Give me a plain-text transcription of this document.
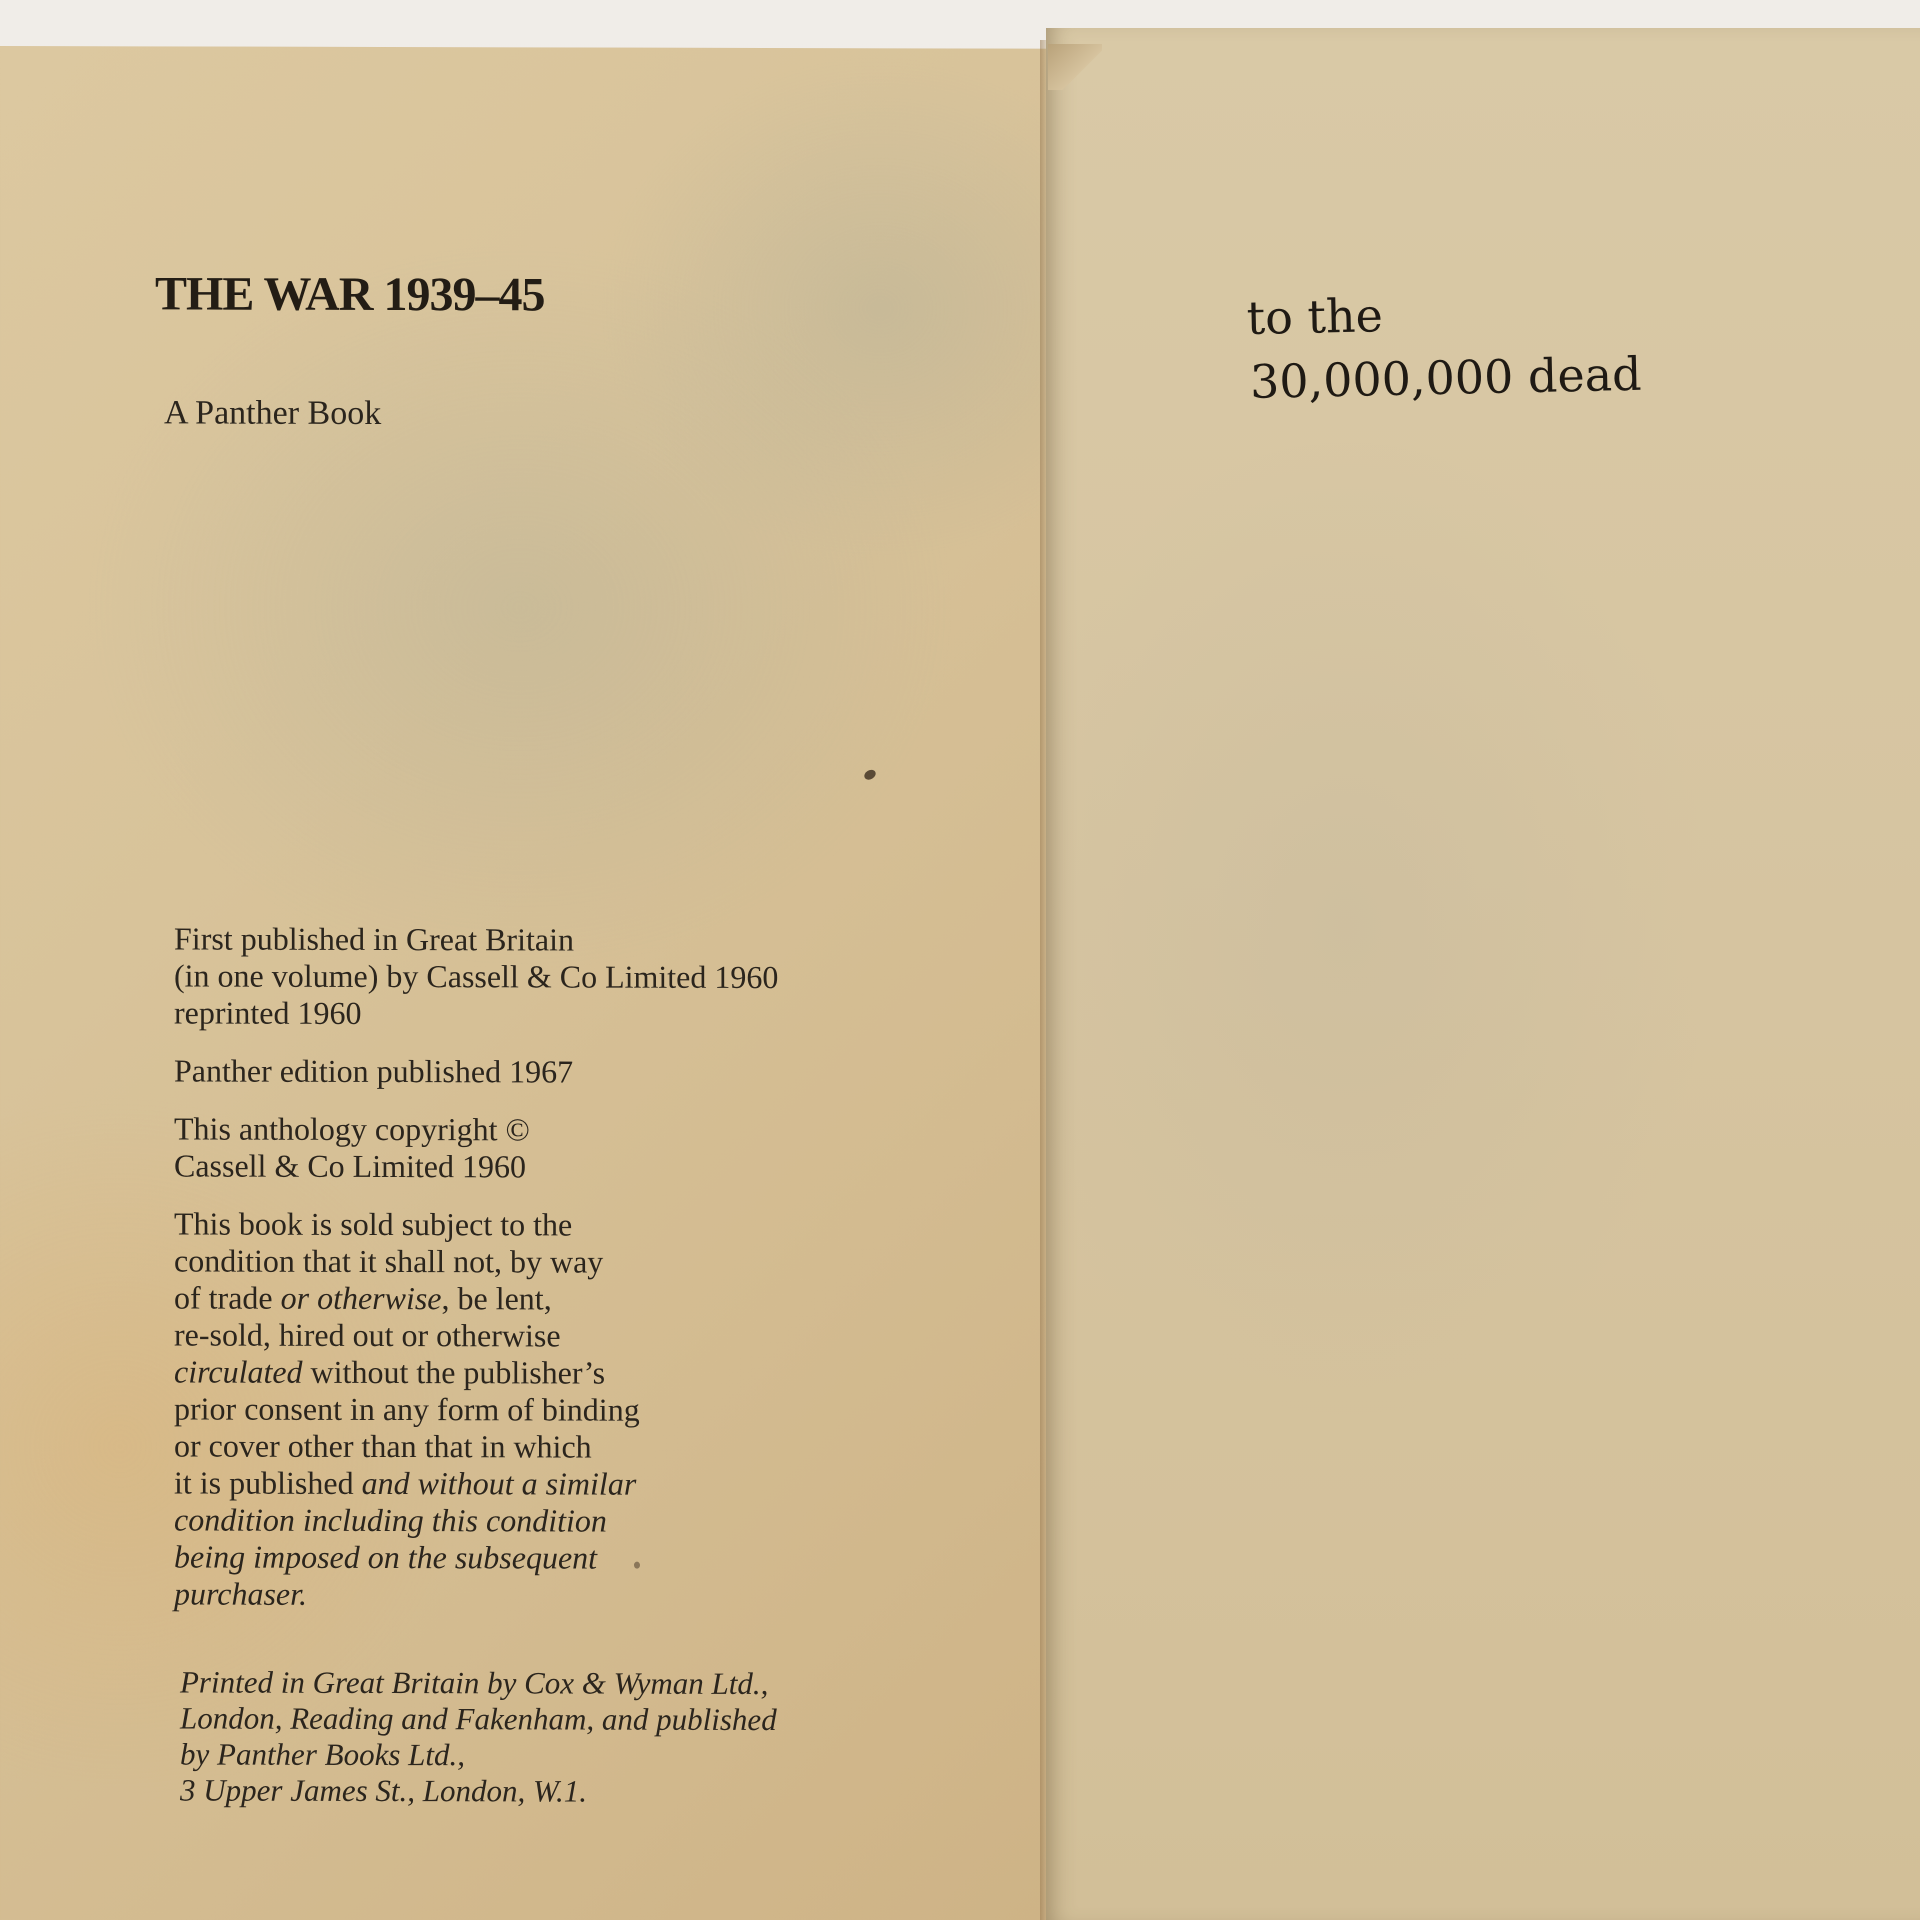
THE WAR 1939–45

A Panther Book

First published in Great Britain
(in one volume) by Cassell & Co Limited 1960
reprinted 1960

Panther edition published 1967

This anthology copyright ©
Cassell & Co Limited 1960

This book is sold subject to the
condition that it shall not, by way
of trade or otherwise, be lent,
re-sold, hired out or otherwise
circulated without the publisher’s
prior consent in any form of binding
or cover other than that in which
it is published and without a similar
condition including this condition
being imposed on the subsequent
purchaser.

Printed in Great Britain by Cox & Wyman Ltd.,
London, Reading and Fakenham, and published
by Panther Books Ltd.,
3 Upper James St., London, W.1.
to the
30,000,000 dead
